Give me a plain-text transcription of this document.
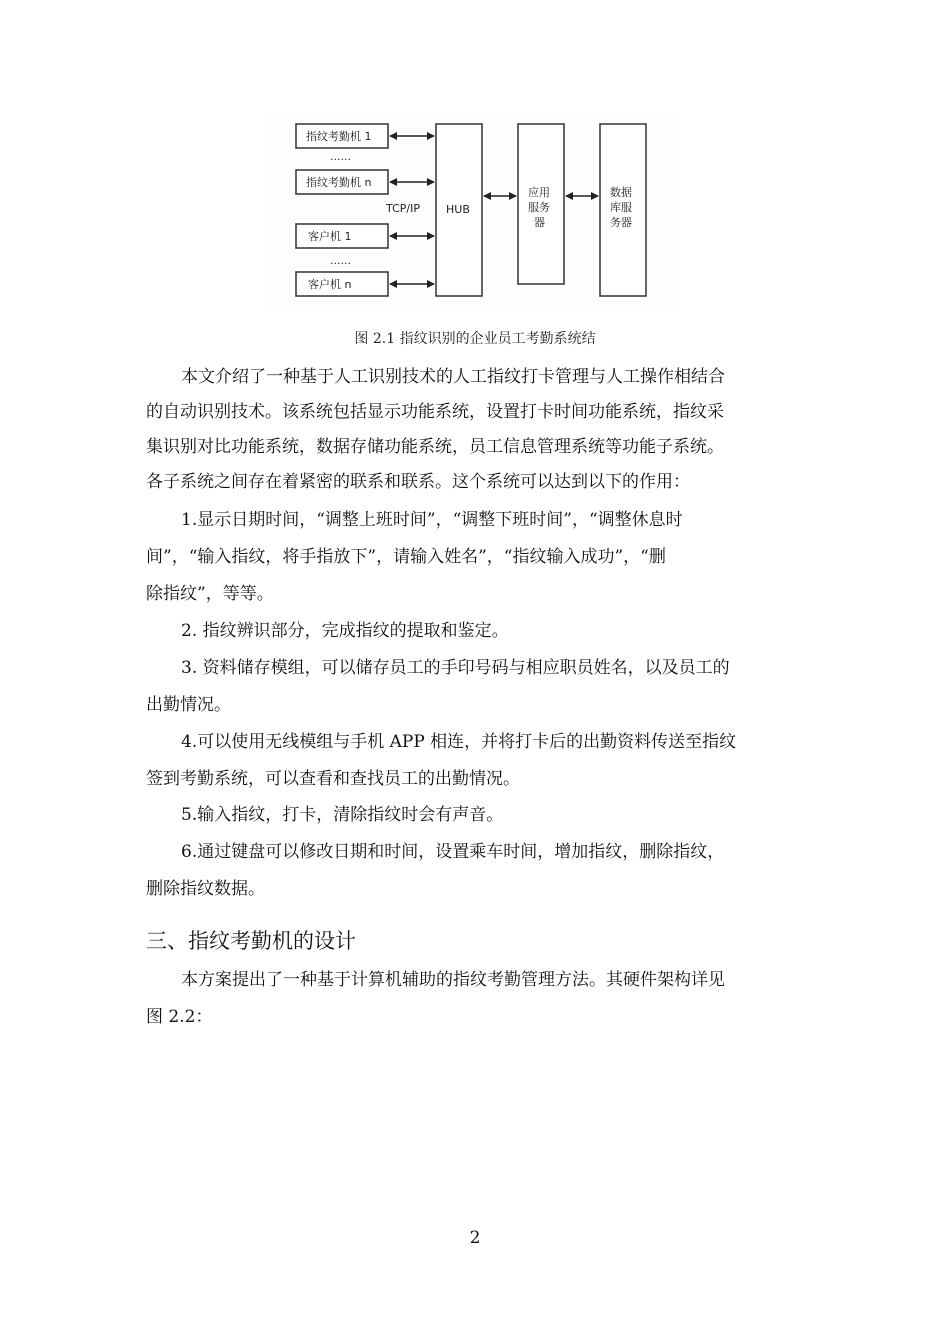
指纹考勤机 1
......
指纹考勤机 n
客户机 1
......
客户机 n
TCP/IP HUB
应用
服务
器
数据
库服
务器
图 2.1 指纹识别的企业员工考勤系统结
本文介绍了一种基于人工识别技术的人工指纹打卡管理与人工操作相结合
的自动识别技术。该系统包括显示功能系统，设置打卡时间功能系统，指纹采
集识别对比功能系统，数据存储功能系统，员工信息管理系统等功能子系统。
各子系统之间存在着紧密的联系和联系。这个系统可以达到以下的作用：
1.显示日期时间，“调整上班时间”，“调整下班时间”，“调整休息时
间”，“输入指纹，将手指放下”，请输入姓名”，“指纹输入成功”，“删
除指纹”，等等。
2. 指纹辨识部分，完成指纹的提取和鉴定。
3. 资料储存模组，可以储存员工的手印号码与相应职员姓名，以及员工的
出勤情况。
4.可以使用无线模组与手机 APP 相连，并将打卡后的出勤资料传送至指纹
签到考勤系统，可以查看和查找员工的出勤情况。
5.输入指纹，打卡，清除指纹时会有声音。
6.通过键盘可以修改日期和时间，设置乘车时间，增加指纹，删除指纹，
删除指纹数据。
三、指纹考勤机的设计
本方案提出了一种基于计算机辅助的指纹考勤管理方法。其硬件架构详见
图 2.2：
2
